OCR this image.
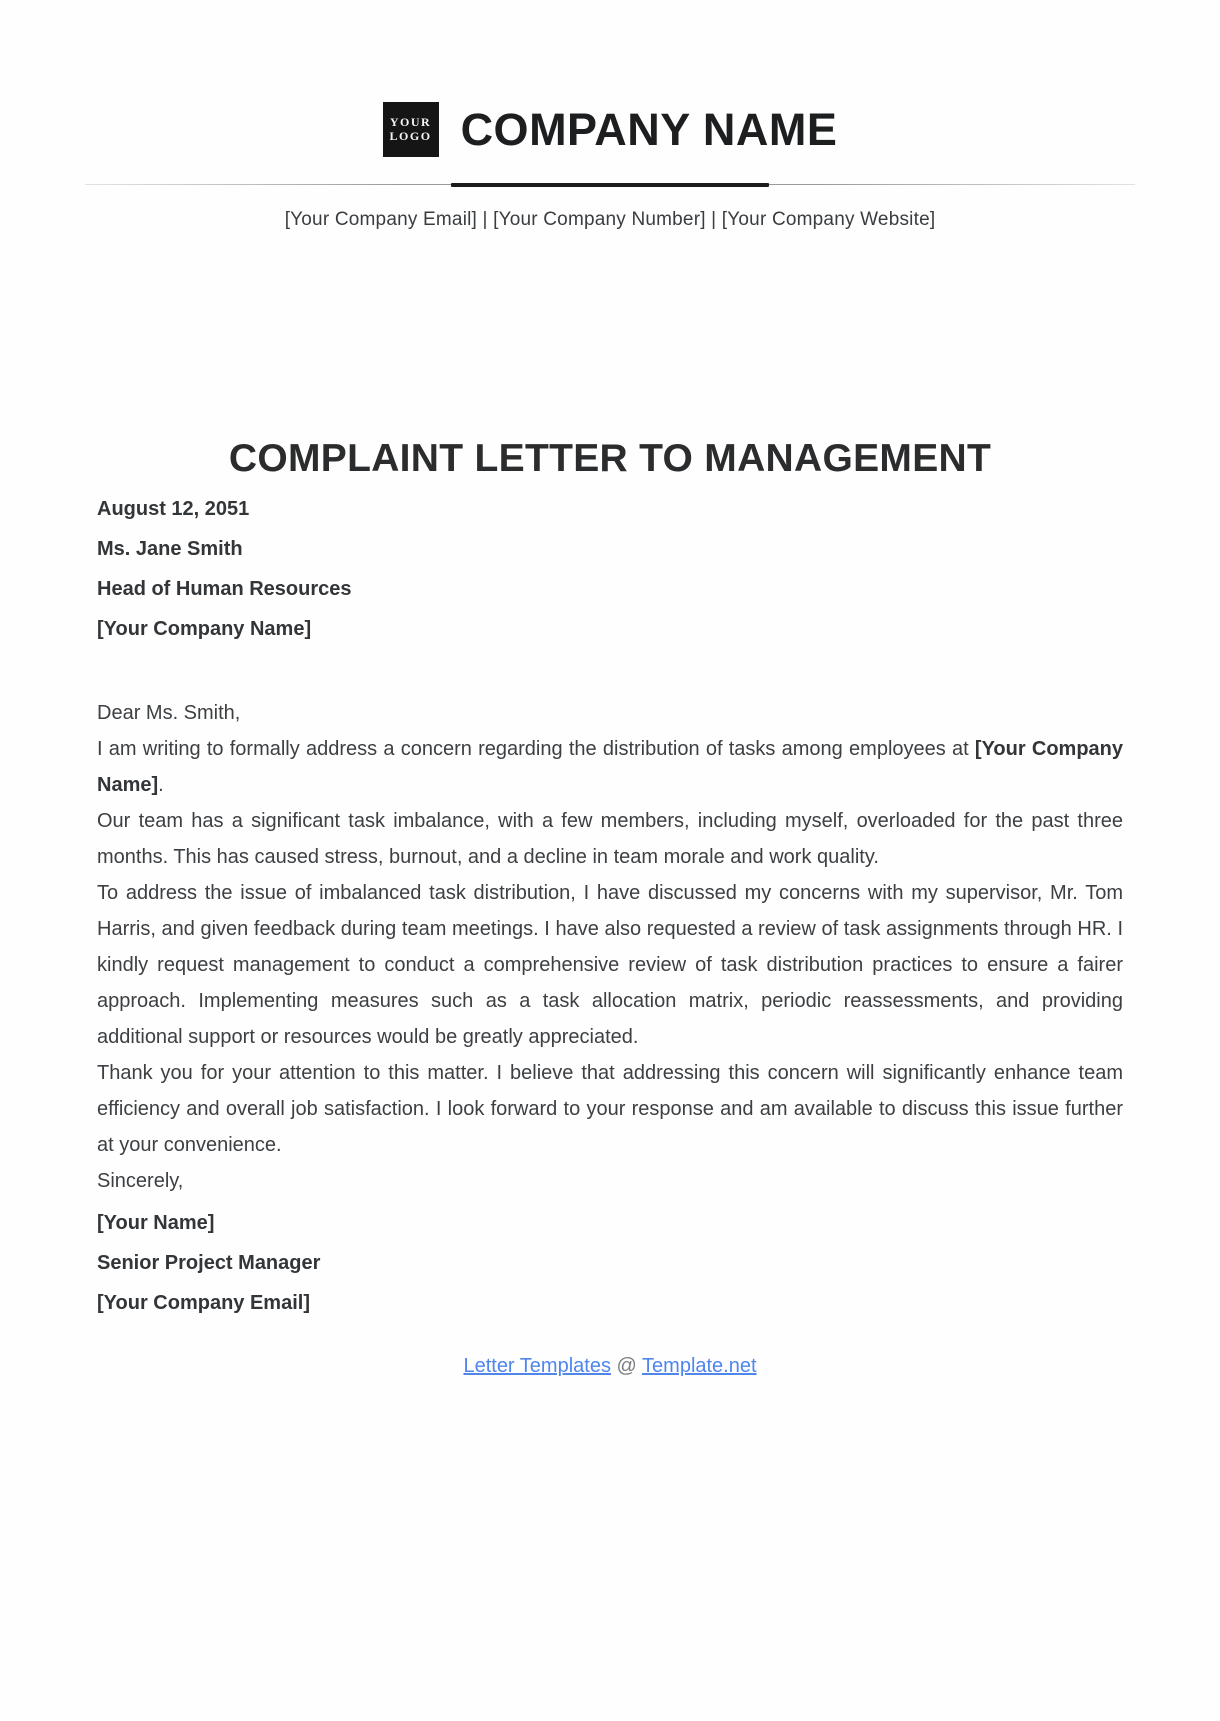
YOUR
LOGO COMPANY NAME
[Your Company Email] | [Your Company Number] | [Your Company Website]
COMPLAINT LETTER TO MANAGEMENT
August 12, 2051
Ms. Jane Smith
Head of Human Resources
[Your Company Name]

Dear Ms. Smith,

I am writing to formally address a concern regarding the distribution of tasks among employees at [Your Company Name].

Our team has a significant task imbalance, with a few members, including myself, overloaded for the past three months. This has caused stress, burnout, and a decline in team morale and work quality.

To address the issue of imbalanced task distribution, I have discussed my concerns with my supervisor, Mr. Tom Harris, and given feedback during team meetings. I have also requested a review of task assignments through HR. I kindly request management to conduct a comprehensive review of task distribution practices to ensure a fairer approach. Implementing measures such as a task allocation matrix, periodic reassessments, and providing additional support or resources would be greatly appreciated.

Thank you for your attention to this matter. I believe that addressing this concern will significantly enhance team efficiency and overall job satisfaction. I look forward to your response and am available to discuss this issue further at your convenience.

Sincerely,

[Your Name]
Senior Project Manager
[Your Company Email]
Letter Templates @ Template.net
